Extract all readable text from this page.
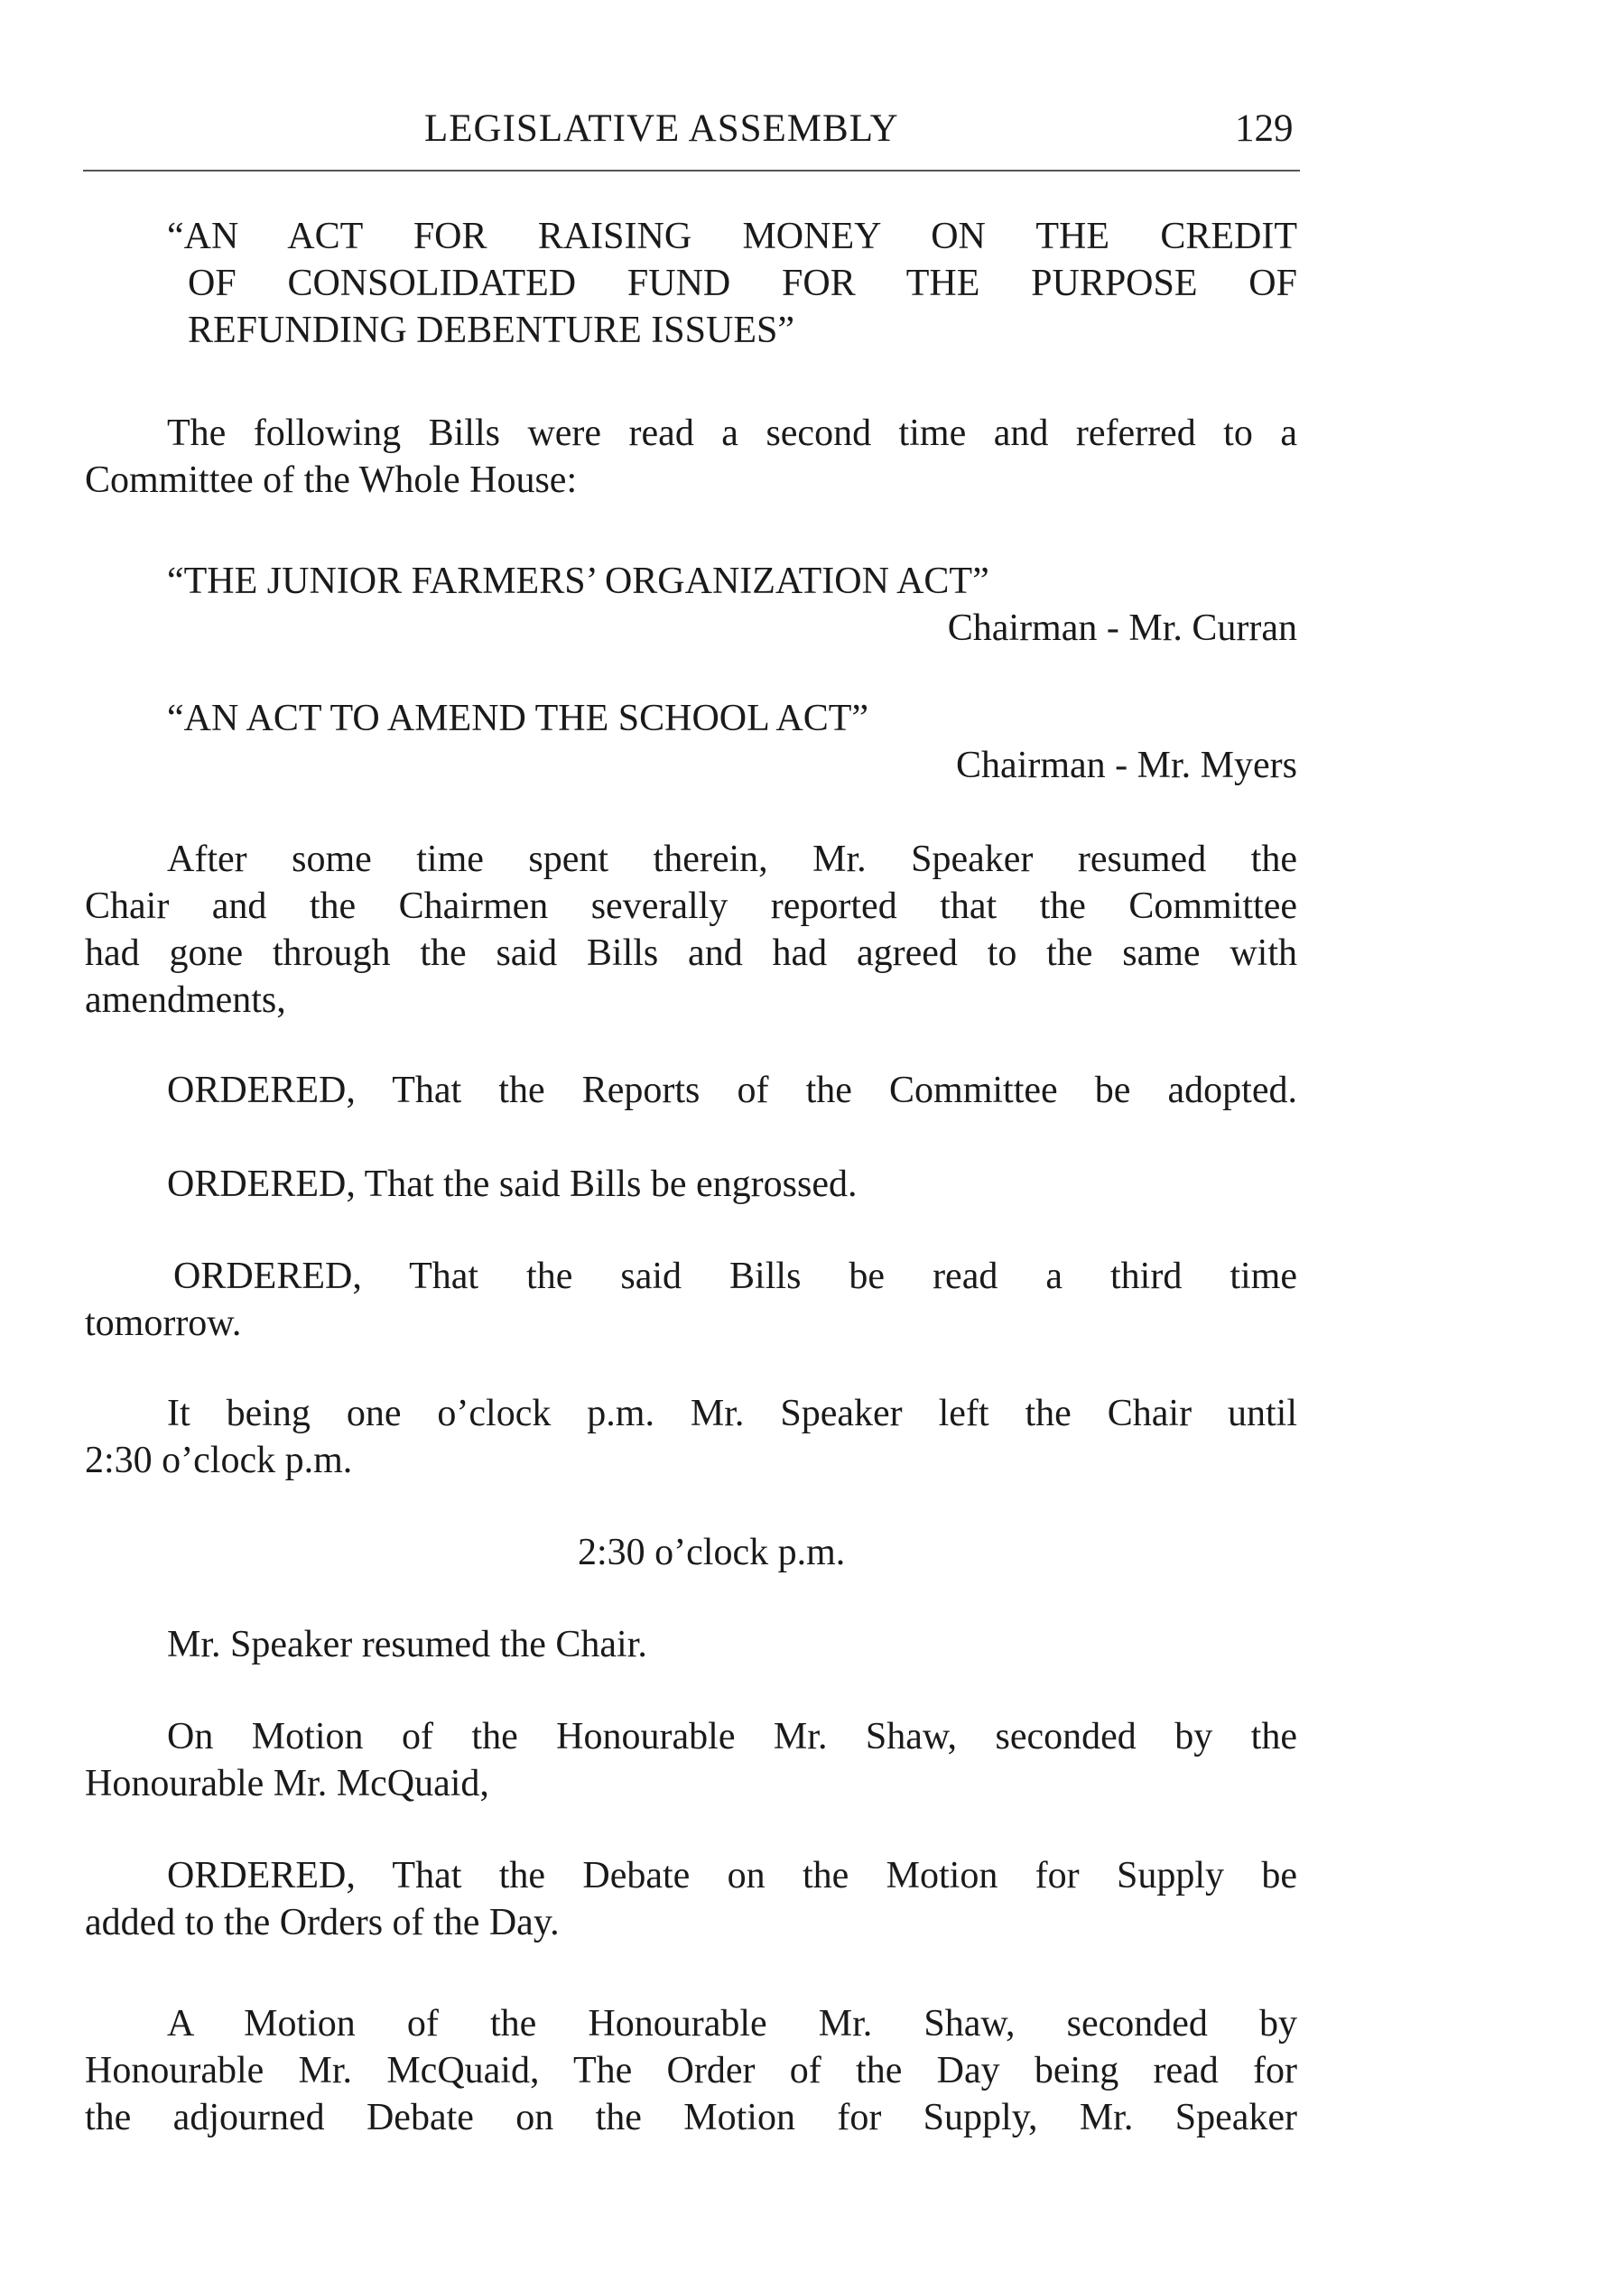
LEGISLATIVE ASSEMBLY	129
“AN ACT FOR RAISING MONEY ON THE CREDIT
OF CONSOLIDATED FUND FOR THE PURPOSE OF
REFUNDING DEBENTURE ISSUES”
The following Bills were read a second time and referred to a
Committee of the Whole House:
“THE JUNIOR FARMERS’ ORGANIZATION ACT”
Chairman - Mr. Curran
“AN ACT TO AMEND THE SCHOOL ACT”
Chairman - Mr. Myers
After some time spent therein, Mr. Speaker resumed the
Chair and the Chairmen severally reported that the Committee
had gone through the said Bills and had agreed to the same with
amendments,
ORDERED, That the Reports of the Committee be adopted.
ORDERED, That the said Bills be engrossed.
ORDERED, That the said Bills be read a third time
tomorrow.
It being one o’clock p.m. Mr. Speaker left the Chair until
2:30 o’clock p.m.
2:30 o’clock p.m.
Mr. Speaker resumed the Chair.
On Motion of the Honourable Mr. Shaw, seconded by the
Honourable Mr. McQuaid,
ORDERED, That the Debate on the Motion for Supply be
added to the Orders of the Day.
A Motion of the Honourable Mr. Shaw, seconded by
Honourable Mr. McQuaid, The Order of the Day being read for
the adjourned Debate on the Motion for Supply, Mr. Speaker
